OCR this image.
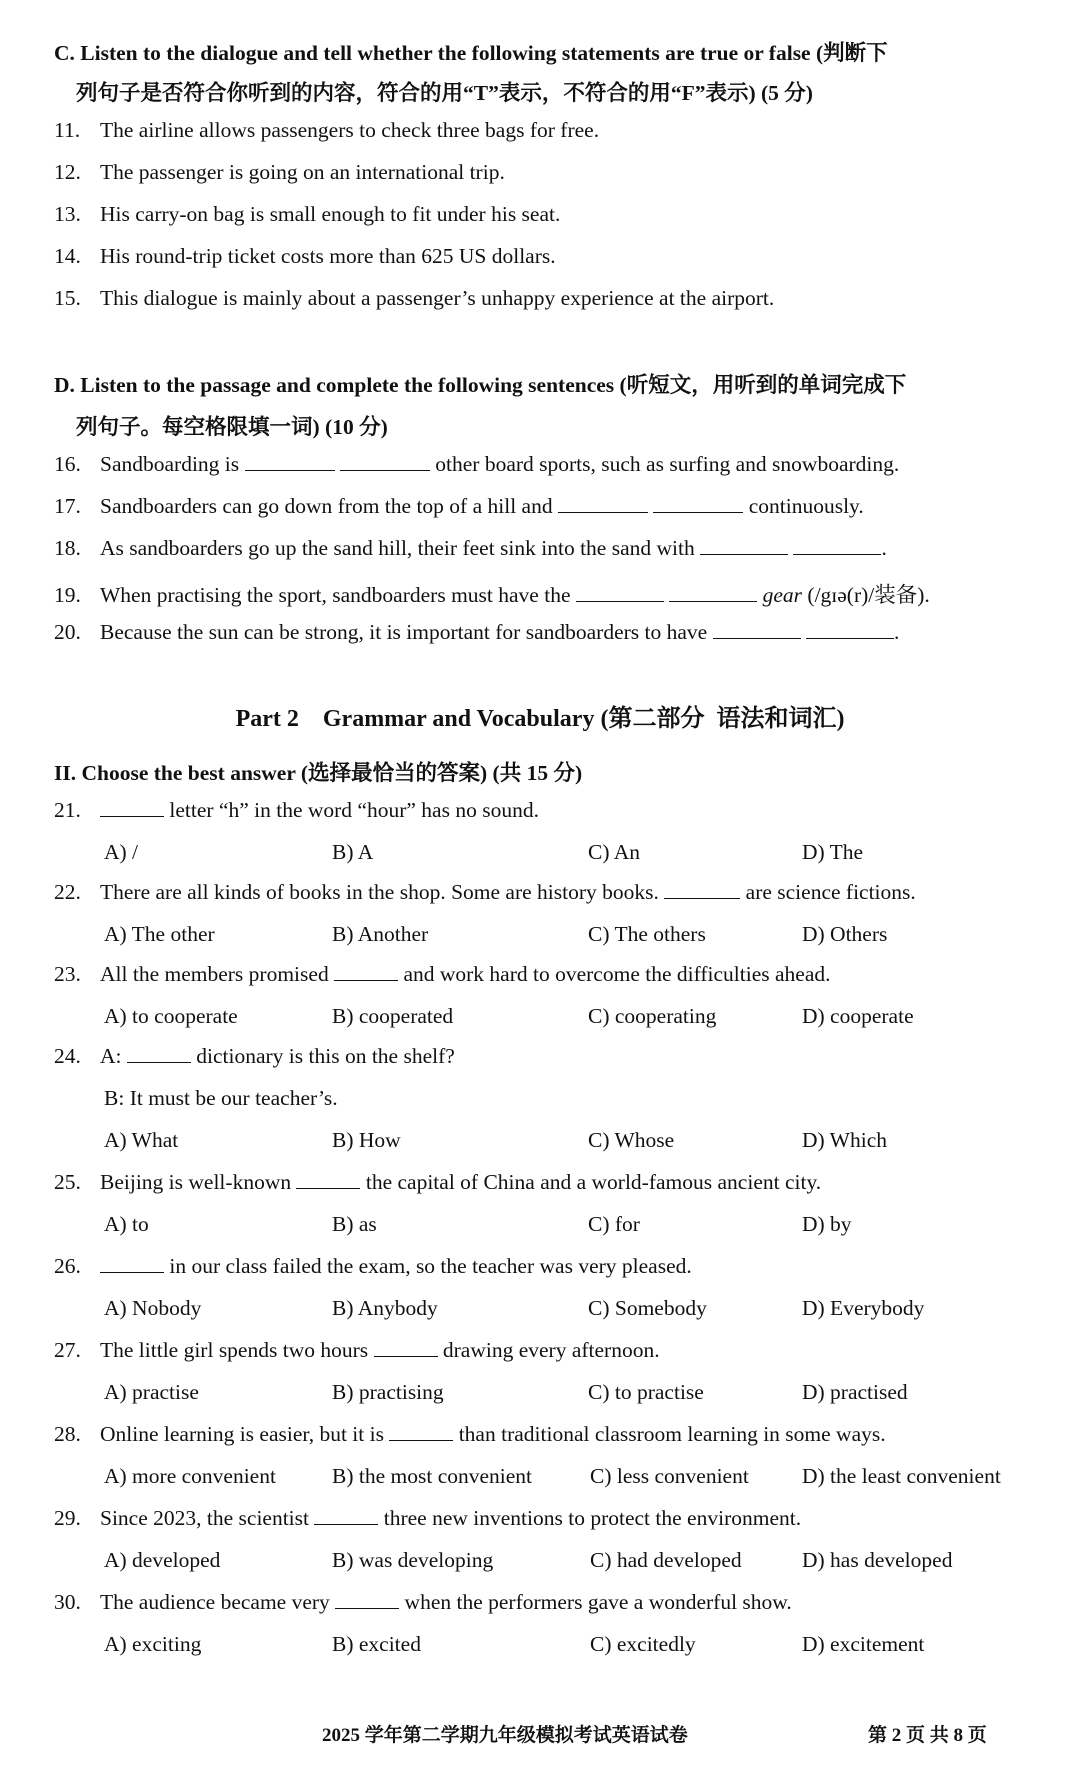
C. Listen to the dialogue and tell whether the following statements are true or false (判断下
列句子是否符合你听到的内容，符合的用“T”表示，不符合的用“F”表示) (5 分)
11. The airline allows passengers to check three bags for free.
12. The passenger is going on an international trip.
13. His carry-on bag is small enough to fit under his seat.
14. His round-trip ticket costs more than 625 US dollars.
15. This dialogue is mainly about a passenger’s unhappy experience at the airport.
D. Listen to the passage and complete the following sentences (听短文，用听到的单词完成下
列句子。每空格限填一词) (10 分)
16. Sandboarding is	other board sports, such as surfing and snowboarding.
17. Sandboarders can go down from the top of a hill and	continuously.
18. As sandboarders go up the sand hill, their feet sink into the sand with	.
19. When practising the sport, sandboarders must have the	gear (/gɪə(r)/装备).
20. Because the sun can be strong, it is important for sandboarders to have	.
Part 2    Grammar and Vocabulary (第二部分  语法和词汇)
II. Choose the best answer (选择最恰当的答案) (共 15 分)
21.	letter “h” in the word “hour” has no sound.
A) /	B) A	C) An	D) The
22. There are all kinds of books in the shop. Some are history books.	are science fictions.
A) The other	B) Another	C) The others	D) Others
23. All the members promised	and work hard to overcome the difficulties ahead.
A) to cooperate	B) cooperated	C) cooperating	D) cooperate
24. A:	dictionary is this on the shelf?
B: It must be our teacher’s.
A) What	B) How	C) Whose	D) Which
25. Beijing is well-known	the capital of China and a world-famous ancient city.
A) to	B) as	C) for	D) by
26.	in our class failed the exam, so the teacher was very pleased.
A) Nobody	B) Anybody	C) Somebody	D) Everybody
27. The little girl spends two hours	drawing every afternoon.
A) practise	B) practising	C) to practise	D) practised
28. Online learning is easier, but it is	than traditional classroom learning in some ways.
A) more convenient	B) the most convenient	C) less convenient D) the least convenient
29. Since 2023, the scientist	three new inventions to protect the environment.
A) developed	B) was developing	C) had developed	D) has developed
30. The audience became very	when the performers gave a wonderful show.
A) exciting	B) excited	C) excitedly	D) excitement
2025 学年第二学期九年级模拟考试英语试卷	第 2 页 共 8 页
